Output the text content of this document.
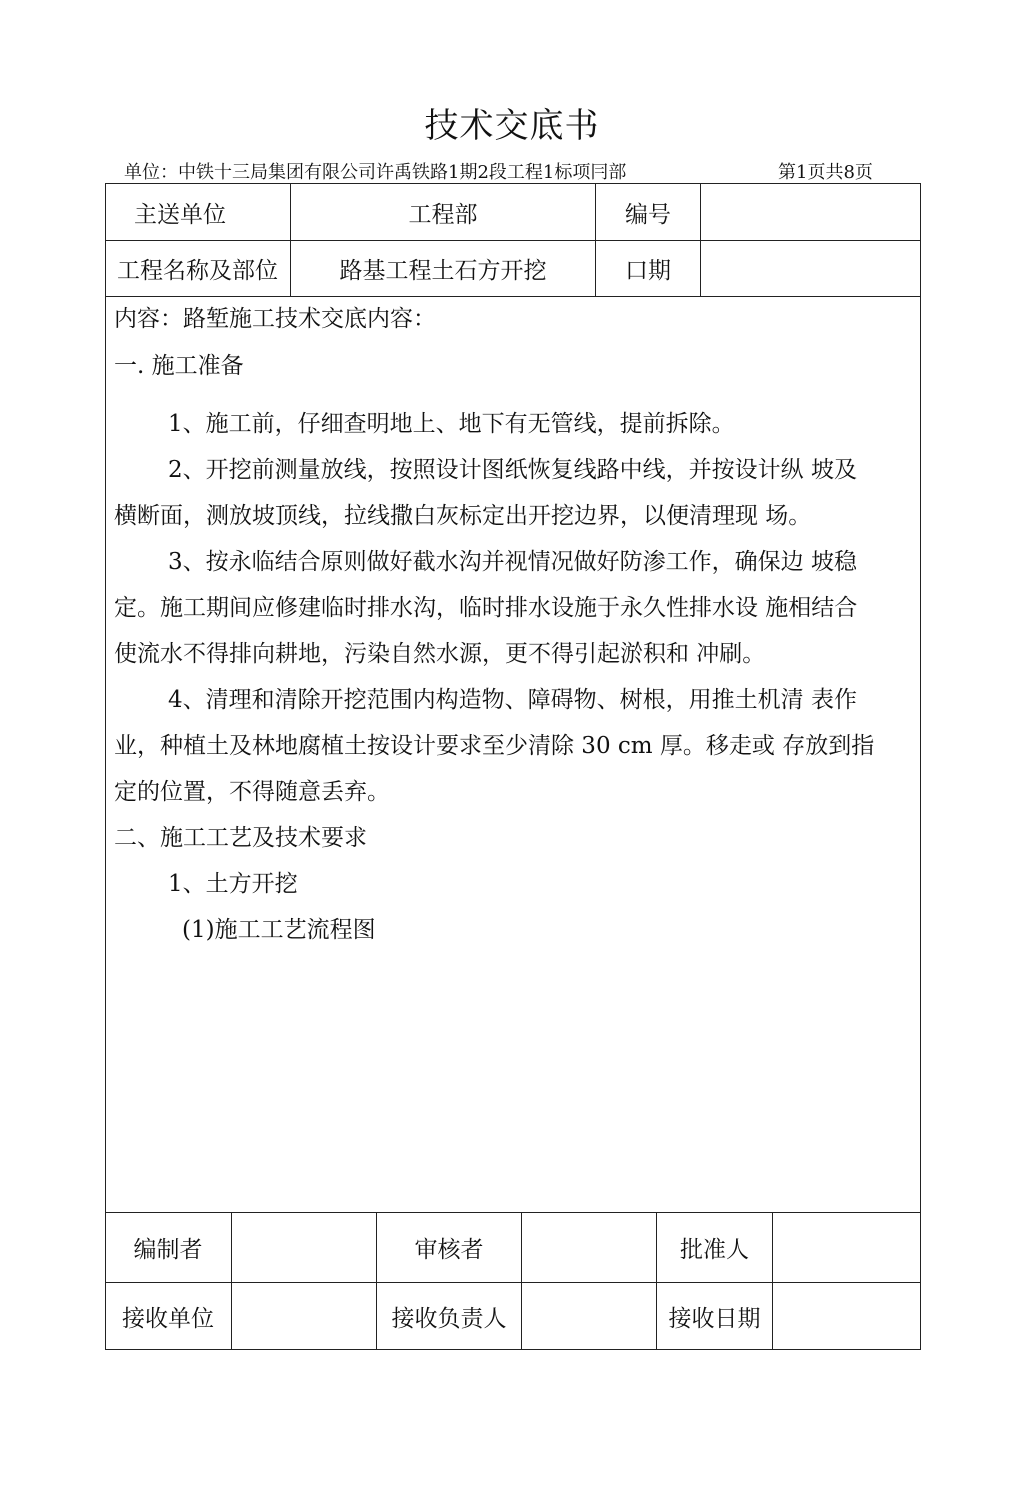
技术交底书
单位：中铁十三局集团有限公司许禹铁路1期2段工程1标项冃部	第1页共8页
主送单位	工程部	编号
工程名称及部位	路基工程土石方开挖	口期
内容：路堑施工技术交底内容：
一. 施工准备
1、施工前，仔细查明地上、地下有无管线，提前拆除。
2、开挖前测量放线，按照设计图纸恢复线路中线，并按设计纵 坡及
横断面，测放坡顶线，拉线撒白灰标定出开挖边界，以便清理现 场。
3、按永临结合原则做好截水沟并视情况做好防渗工作，确保边 坡稳
定。施工期间应修建临时排水沟，临时排水设施于永久性排水设 施相结合
使流水不得排向耕地，污染自然水源，更不得引起淤积和 冲刷。
4、清理和清除开挖范围内构造物、障碍物、树根，用推土机清 表作
业，种植土及林地腐植土按设计要求至少清除 30 cm 厚。移走或 存放到指
定的位置，不得随意丢弃。
二、施工工艺及技术要求
1、土方开挖
(1)施工工艺流程图
编制者	审核者	批准人
接收单位	接收负责人	接收日期
